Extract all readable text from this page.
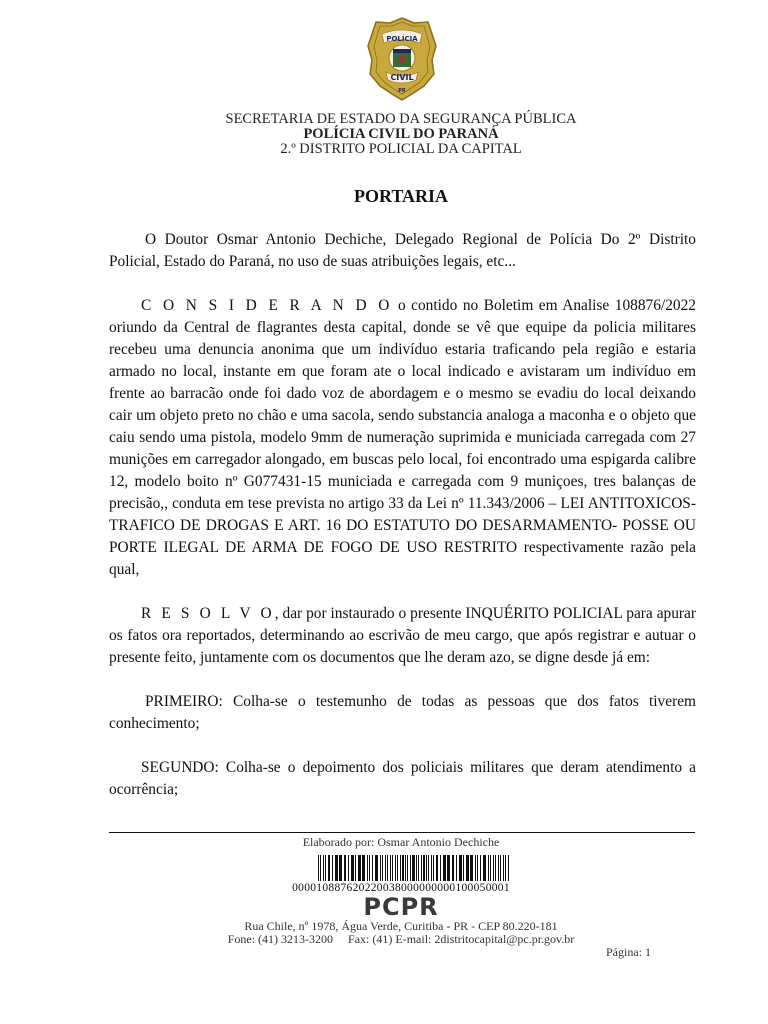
POLÍCIA
CIVIL
PR
SECRETARIA DE ESTADO DA SEGURANÇA PÚBLICA
POLÍCIA CIVIL DO PARANÁ
2.º DISTRITO POLICIAL DA CAPITAL
PORTARIA

O Doutor Osmar Antonio Dechiche, Delegado Regional de Polícia Do 2º Distrito Policial, Estado do Paraná, no uso de suas atribuições legais, etc...

C O N S I D E R A N D O o contido no Boletim em Analise 108876/2022 oriundo da Central de flagrantes desta capital, donde se vê que equipe da policia militares recebeu uma denuncia anonima que um indivíduo estaria traficando pela região e estaria armado no local, instante em que foram ate o local indicado e avistaram um indivíduo em frente ao barracão onde foi dado voz de abordagem e o mesmo se evadiu do local deixando cair um objeto preto no chão e uma sacola, sendo substancia analoga a maconha e o objeto que caiu sendo uma pistola, modelo 9mm de numeração suprimida e municiada carregada com 27 munições em carregador alongado, em buscas pelo local, foi encontrado uma espigarda calibre 12, modelo boito nº G077431-15 municiada e carregada com 9 muniçoes, tres balanças de precisão,, conduta em tese prevista no artigo 33 da Lei nº 11.343/2006 – LEI ANTITOXICOS-TRAFICO DE DROGAS E ART. 16 DO ESTATUTO DO DESARMAMENTO- POSSE OU PORTE ILEGAL DE ARMA DE FOGO DE USO RESTRITO respectivamente razão pela qual,

R E S O L V O, dar por instaurado o presente INQUÉRITO POLICIAL para apurar os fatos ora reportados, determinando ao escrivão de meu cargo, que após registrar e autuar o presente feito, juntamente com os documentos que lhe deram azo, se digne desde já em:

PRIMEIRO: Colha-se o testemunho de todas as pessoas que dos fatos tiverem conhecimento;

SEGUNDO: Colha-se o depoimento dos policiais militares que deram atendimento a ocorrência;

Elaborado por: Osmar Antonio Dechiche
000010887620220038000000000100050001
PCPR
Rua Chile, nº 1978, Água Verde, Curitiba - PR - CEP 80.220-181
Fone: (41) 3213-3200     Fax: (41) E-mail: 2distritocapital@pc.pr.gov.br
Página: 1
